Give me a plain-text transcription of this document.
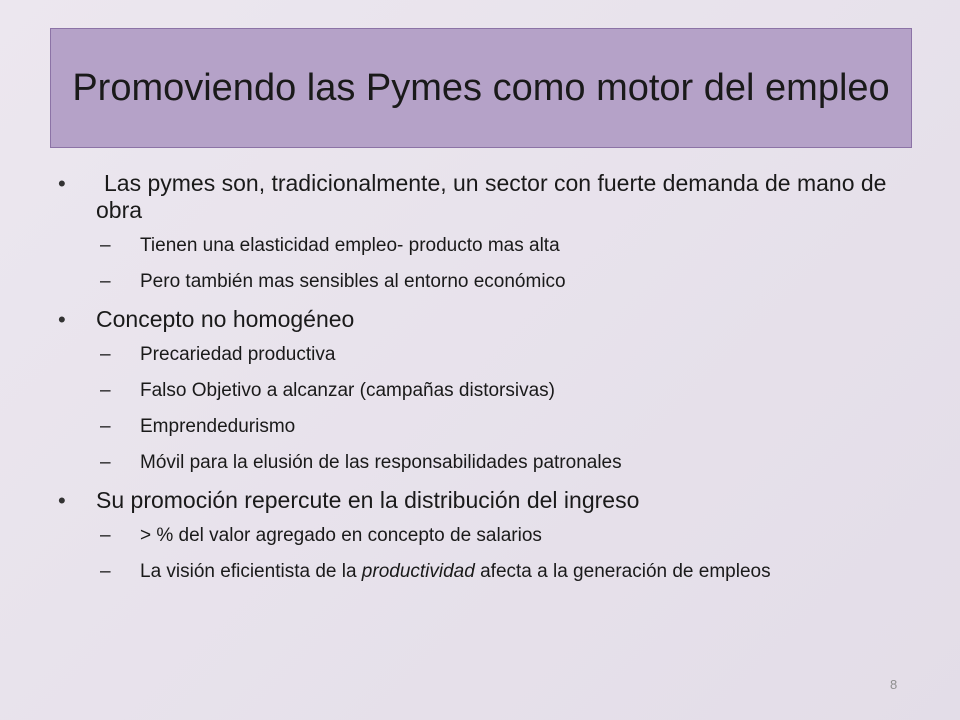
Promoviendo las Pymes como motor del empleo
• Las pymes son, tradicionalmente, un sector con fuerte demanda de mano de obra
– Tienen una elasticidad empleo- producto mas alta
– Pero también mas sensibles al entorno económico
• Concepto no homogéneo
– Precariedad productiva
– Falso Objetivo a alcanzar (campañas distorsivas)
– Emprendedurismo
– Móvil para la elusión de las responsabilidades patronales
• Su promoción repercute en la distribución del ingreso
– > % del valor agregado en concepto de salarios
– La visión eficientista de la productividad afecta a la generación de empleos
8
